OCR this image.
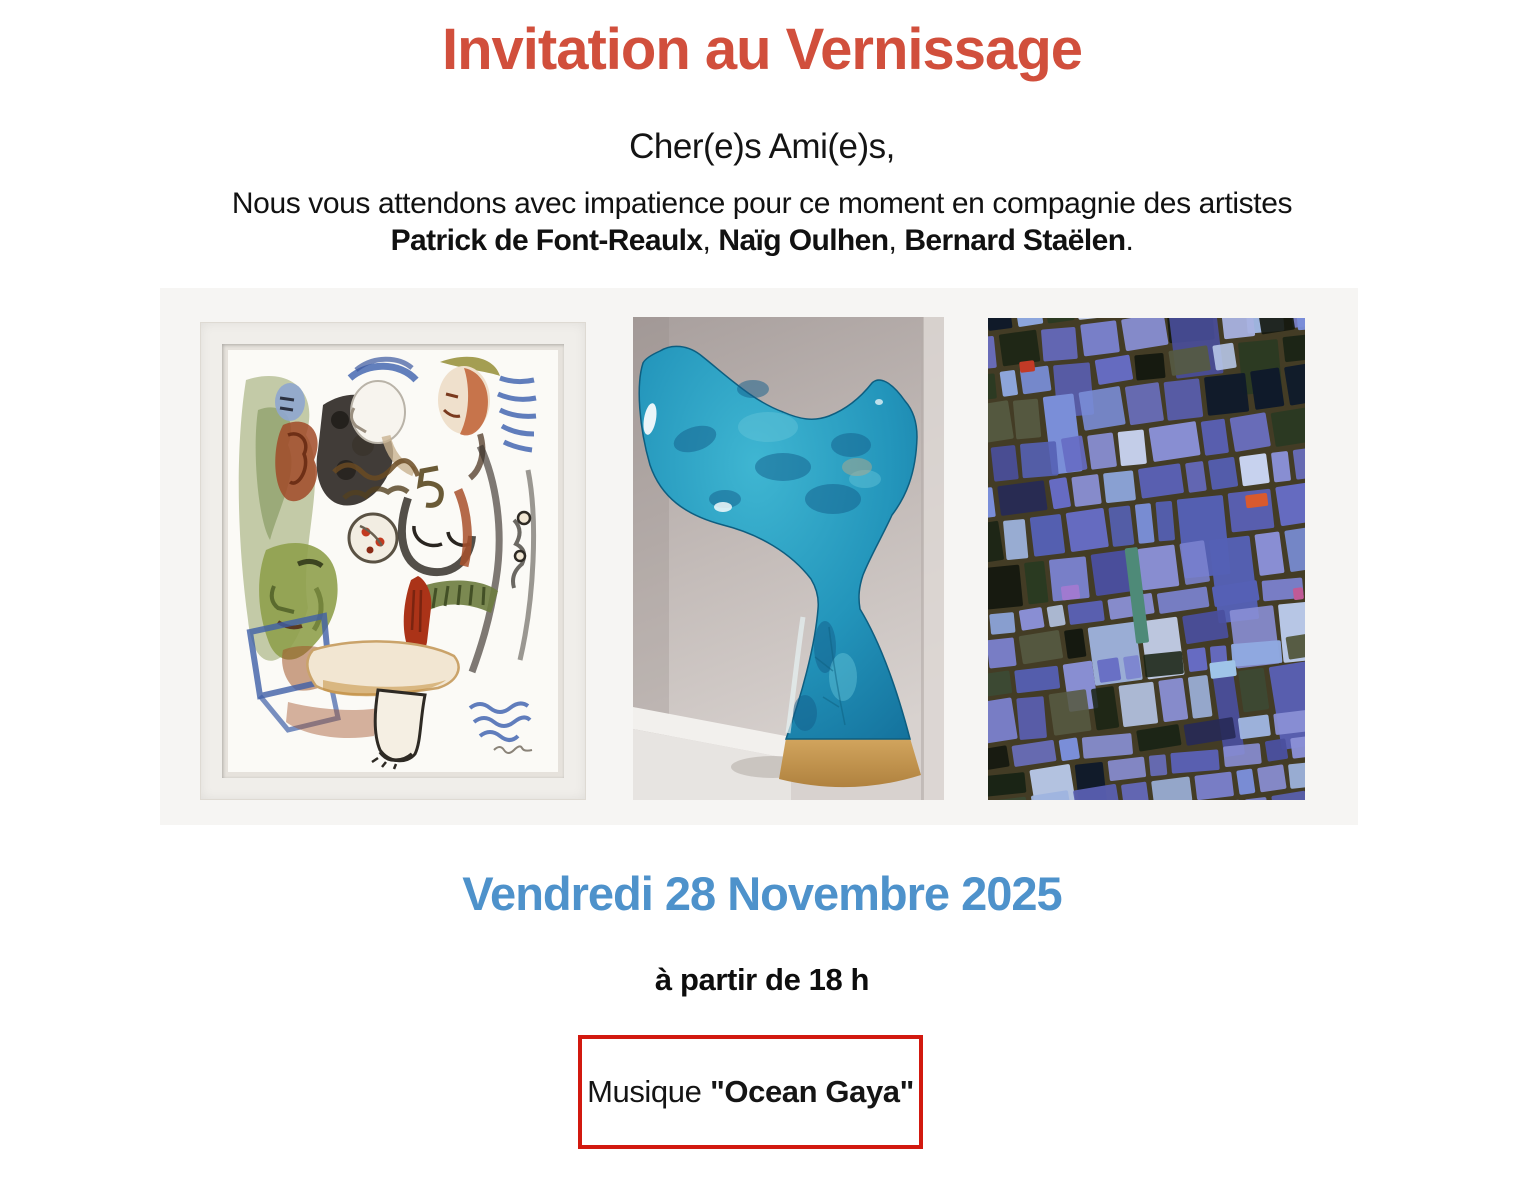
Invitation au Vernissage

Cher(e)s Ami(e)s,

Nous vous attendons avec impatience pour ce moment en compagnie des artistes
Patrick de Font-Reaulx, Naïg Oulhen, Bernard Staëlen.

Vendredi 28 Novembre 2025

à partir de 18 h

Musique "Ocean Gaya"
